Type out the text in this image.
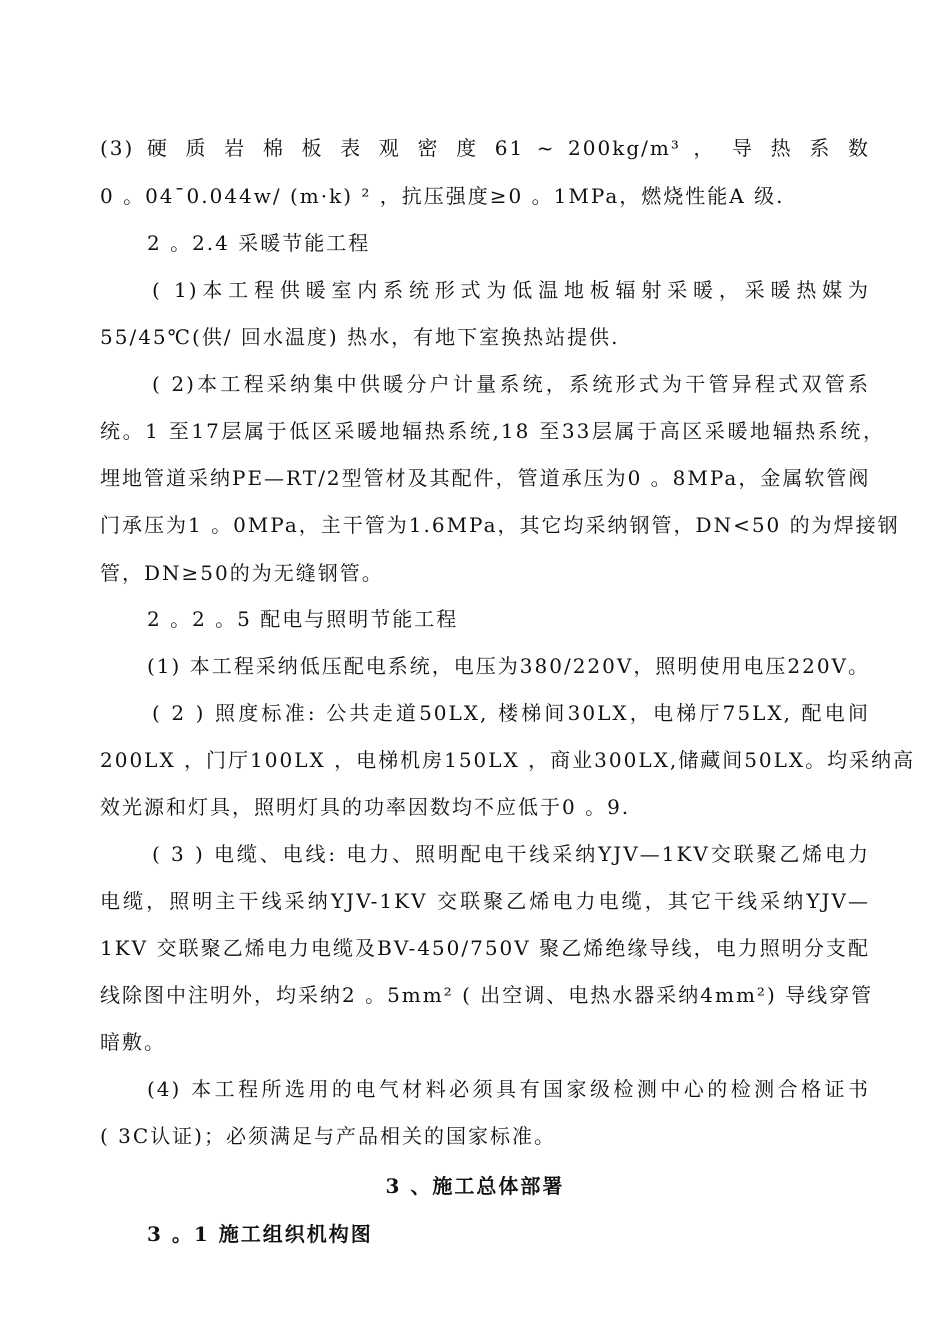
(3) 硬 质 岩 棉 板 表 观 密 度 61 ~ 200kg/m³ ， 导 热 系 数
0 。04¯0.044w/ (m·k) ² ，抗压强度≥0 。1MPa，燃烧性能A 级.
2 。2.4 采暖节能工程
( 1)本工程供暖室内系统形式为低温地板辐射采暖，采暖热媒为
55/45℃(供/ 回水温度) 热水，有地下室换热站提供.
( 2)本工程采纳集中供暖分户计量系统，系统形式为干管异程式双管系
统。1 至17层属于低区采暖地辐热系统,18 至33层属于高区采暖地辐热系统，
埋地管道采纳PE—RT/2型管材及其配件，管道承压为0 。8MPa，金属软管阀
门承压为1 。0MPa，主干管为1.6MPa，其它均采纳钢管，DN<50 的为焊接钢
管，DN≥50的为无缝钢管。
2 。2 。5 配电与照明节能工程
(1) 本工程采纳低压配电系统，电压为380/220V，照明使用电压220V。
( 2 ) 照度标准: 公共走道50LX, 楼梯间30LX，电梯厅75LX, 配电间
200LX ，门厅100LX ，电梯机房150LX ，商业300LX,储藏间50LX。均采纳高
效光源和灯具，照明灯具的功率因数均不应低于0 。9.
( 3 ) 电缆、电线: 电力、照明配电干线采纳YJV—1KV交联聚乙烯电力
电缆，照明主干线采纳YJV-1KV 交联聚乙烯电力电缆，其它干线采纳YJV—
1KV 交联聚乙烯电力电缆及BV-450/750V 聚乙烯绝缘导线，电力照明分支配
线除图中注明外，均采纳2 。5mm² ( 出空调、电热水器采纳4mm²) 导线穿管
暗敷。
(4) 本工程所选用的电气材料必须具有国家级检测中心的检测合格证书
( 3C认证)；必须满足与产品相关的国家标准。
3 、施工总体部署
3 。1 施工组织机构图
